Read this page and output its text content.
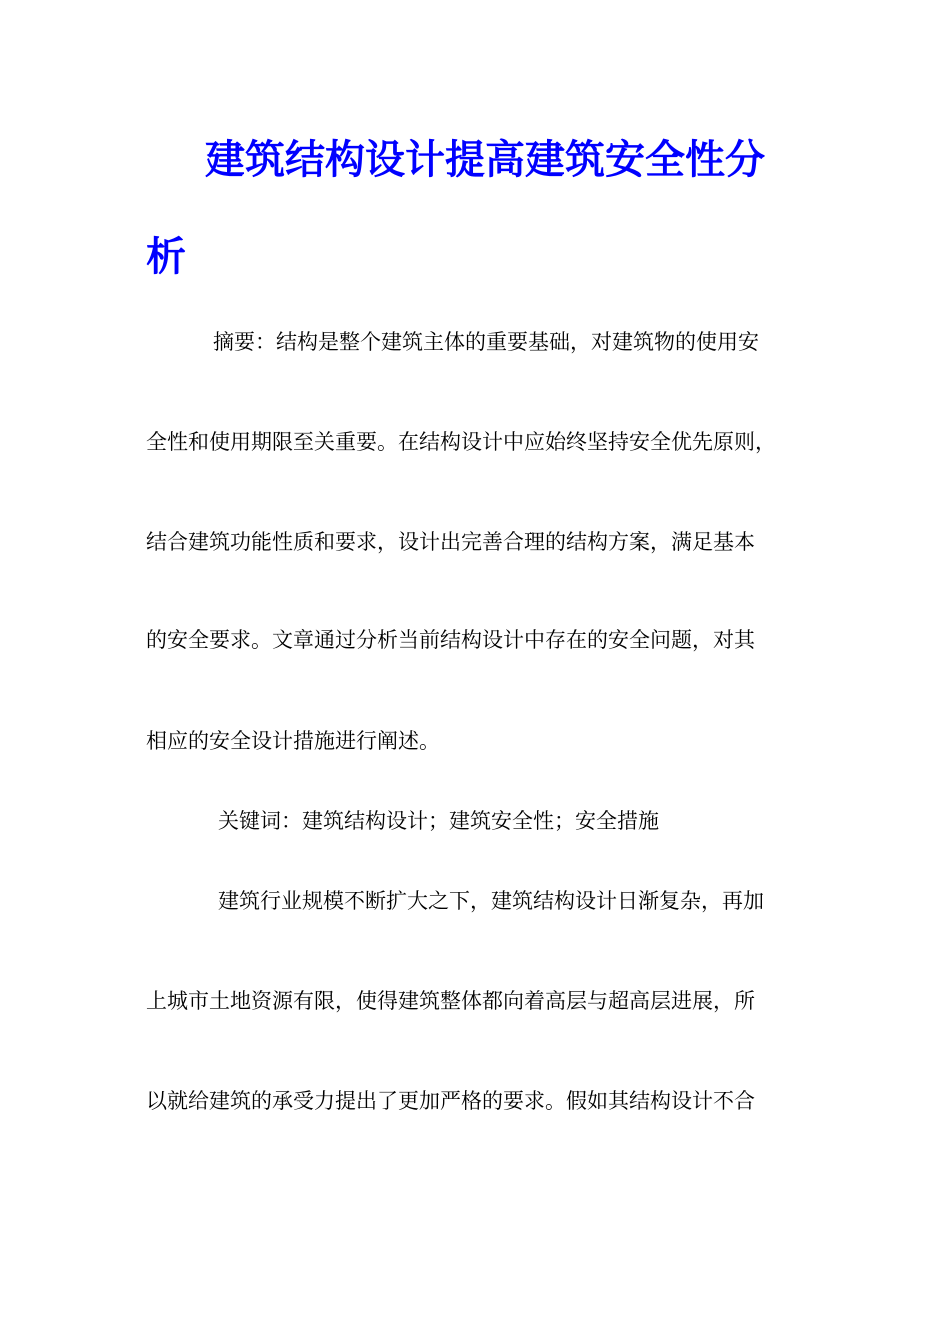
建筑结构设计提高建筑安全性分
析
摘要：结构是整个建筑主体的重要基础，对建筑物的使用安
全性和使用期限至关重要。在结构设计中应始终坚持安全优先原则，
结合建筑功能性质和要求，设计出完善合理的结构方案，满足基本
的安全要求。文章通过分析当前结构设计中存在的安全问题，对其
相应的安全设计措施进行阐述。
关键词：建筑结构设计；建筑安全性；安全措施
建筑行业规模不断扩大之下，建筑结构设计日渐复杂，再加
上城市土地资源有限，使得建筑整体都向着高层与超高层进展，所
以就给建筑的承受力提出了更加严格的要求。假如其结构设计不合
